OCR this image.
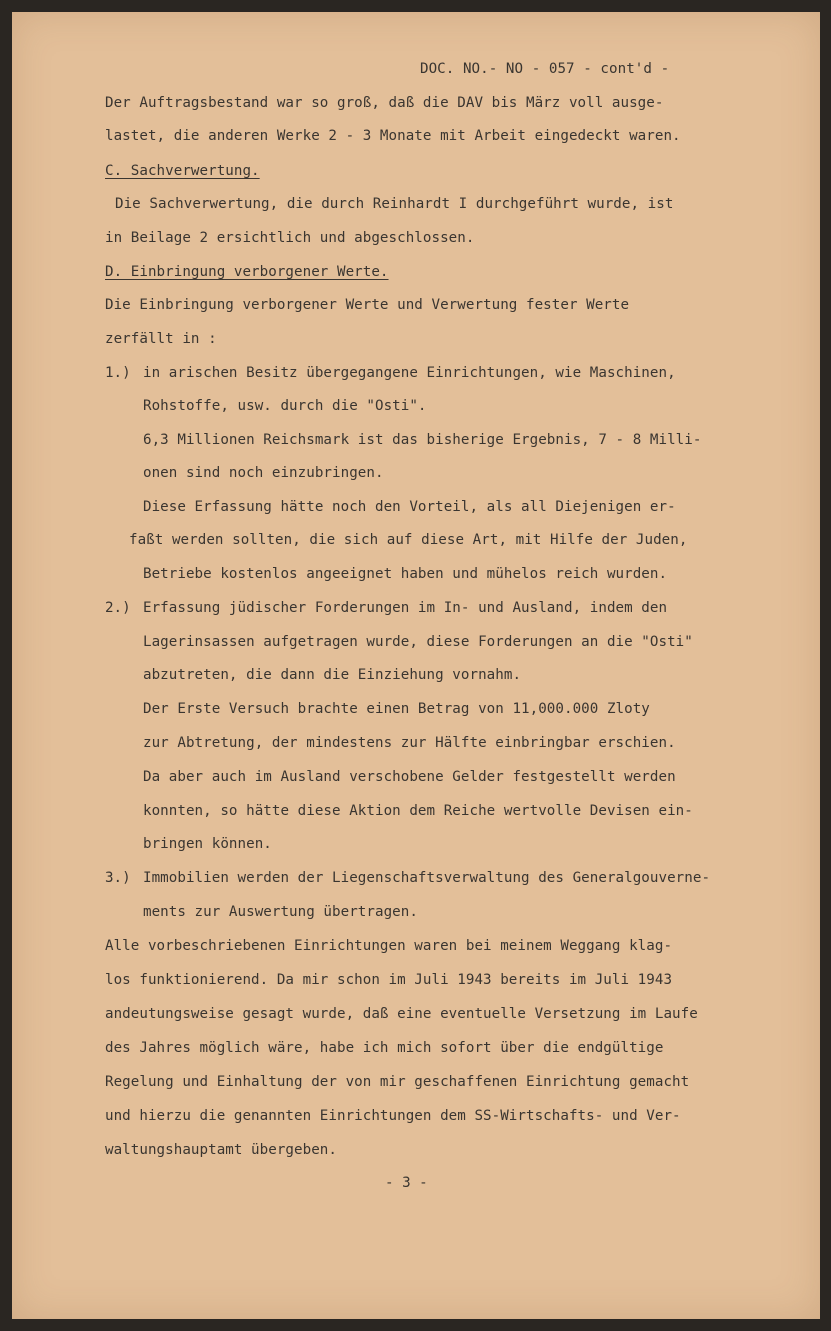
DOC. NO.- NO - 057 - cont'd -
Der Auftragsbestand war so groß, daß die DAV bis März voll ausge-
lastet, die anderen Werke 2 - 3 Monate mit Arbeit eingedeckt waren.
C. Sachverwertung.
Die Sachverwertung, die durch Reinhardt I durchgeführt wurde, ist
in Beilage 2 ersichtlich und abgeschlossen.
D. Einbringung verborgener Werte.
Die Einbringung verborgener Werte und Verwertung fester Werte
zerfällt in :
1.) in arischen Besitz übergegangene Einrichtungen, wie Maschinen,
Rohstoffe, usw. durch die "Osti".
6,3 Millionen Reichsmark ist das bisherige Ergebnis, 7 - 8 Milli-
onen sind noch einzubringen.
Diese Erfassung hätte noch den Vorteil, als all Diejenigen er-
faßt werden sollten, die sich auf diese Art, mit Hilfe der Juden,
Betriebe kostenlos angeeignet haben und mühelos reich wurden.
2.) Erfassung jüdischer Forderungen im In- und Ausland, indem den
Lagerinsassen aufgetragen wurde, diese Forderungen an die "Osti"
abzutreten, die dann die Einziehung vornahm.
Der Erste Versuch brachte einen Betrag von 11,000.000 Zloty
zur Abtretung, der mindestens zur Hälfte einbringbar erschien.
Da aber auch im Ausland verschobene Gelder festgestellt werden
konnten, so hätte diese Aktion dem Reiche wertvolle Devisen ein-
bringen können.
3.) Immobilien werden der Liegenschaftsverwaltung des Generalgouverne-
ments zur Auswertung übertragen.
Alle vorbeschriebenen Einrichtungen waren bei meinem Weggang klag-
los funktionierend. Da mir schon im Juli 1943 bereits im Juli 1943
andeutungsweise gesagt wurde, daß eine eventuelle Versetzung im Laufe
des Jahres möglich wäre, habe ich mich sofort über die endgültige
Regelung und Einhaltung der von mir geschaffenen Einrichtung gemacht
und hierzu die genannten Einrichtungen dem SS-Wirtschafts- und Ver-
waltungshauptamt übergeben.
- 3 -
